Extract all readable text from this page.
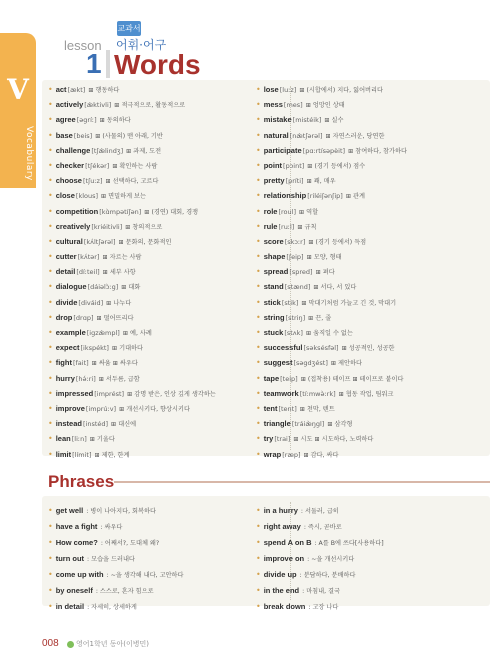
V
Vocabulary
lesson
1
교과서
어휘·어구
Words
• act[ækt] ⊞ 행동하다
• actively[ǽktivli] ⊞ 적극적으로, 활동적으로
• agree[əgríː] ⊞ 동의하다
• base[beis] ⊞ (사물의) 맨 아래, 기반
• challenge[tʃǽlindʒ] ⊞ 과제, 도전
• checker[tʃékər] ⊞ 확인하는 사람
• choose[tʃuːz] ⊞ 선택하다, 고르다
• close[klous] ⊞ 면밀하게 보는
• competition[kɑ̀mpətíʃən] ⊞ (경연) 대회, 경쟁
• creatively[kriéitivli] ⊞ 창의적으로
• cultural[kʌ́ltʃərəl] ⊞ 문화의, 문화적인
• cutter[kʌ́tər] ⊞ 자르는 사람
• detail[díːteil] ⊞ 세부 사항
• dialogue[dáiəlɔ̀ːg] ⊞ 대화
• divide[diváid] ⊞ 나누다
• drop[drɑp] ⊞ 떨어뜨리다
• example[igzǽmpl] ⊞ 예, 사례
• expect[ikspékt] ⊞ 기대하다
• fight[fait] ⊞ 싸움 ⊞ 싸우다
• hurry[hə́ːri] ⊞ 서두름, 급함
• impressed[imprést] ⊞ 감명 받은, 인상 깊게 생각하는
• improve[imprúːv] ⊞ 개선시키다, 향상시키다
• instead[instéd] ⊞ 대신에
• lean[liːn] ⊞ 기울다
• limit[límit] ⊞ 제한, 한계
• lose[luːz] ⊞ (시합에서) 지다, 잃어버리다
• mess[mes] ⊞ 엉망인 상태
• mistake[mistéik] ⊞ 실수
• natural[nǽtʃərəl] ⊞ 자연스러운, 당연한
• participate[pɑːrtísəpèit] ⊞ 참여하다, 참가하다
• point[pɔint] ⊞ (경기 등에서) 점수
• pretty[príti] ⊞ 꽤, 매우
• relationship[riléiʃənʃip] ⊞ 관계
• role[roul] ⊞ 역할
• rule[ruːl] ⊞ 규칙
• score[skɔːr] ⊞ (경기 등에서) 득점
• shape[ʃeip] ⊞ 모양, 형태
• spread[spred] ⊞ 펴다
• stand[stænd] ⊞ 서다, 서 있다
• stick[stik] ⊞ 막대기처럼 가늘고 긴 것, 막대기
• string[striŋ] ⊞ 끈, 줄
• stuck[stʌk] ⊞ 움직일 수 없는
• successful[səksésfəl] ⊞ 성공적인, 성공한
• suggest[səgdʒést] ⊞ 제안하다
• tape[teip] ⊞ (접착용) 테이프 ⊞ 테이프로 붙이다
• teamwork[tíːmwə̀ːrk] ⊞ 협동 작업, 팀워크
• tent[tent] ⊞ 천막, 텐트
• triangle[tráiæ̀ŋgl] ⊞ 삼각형
• try[trai] ⊞ 시도 ⊞ 시도하다, 노력하다
• wrap[ræp] ⊞ 감다, 싸다
Phrases
• get well : 병이 나아지다, 회복하다
• have a fight : 싸우다
• How come? : 어째서?, 도대체 왜?
• turn out : 모습을 드러내다
• come up with : ~을 생각해 내다, 고안하다
• by oneself : 스스로, 혼자 힘으로
• in detail : 자세히, 상세하게
• in a hurry : 서둘러, 급히
• right away : 즉시, 곧바로
• spend A on B : A를 B에 쓰다[사용하다]
• improve on : ~을 개선시키다
• divide up : 분담하다, 분배하다
• in the end : 마침내, 결국
• break down : 고장 나다
008 영어1학년 동아(이병민)
